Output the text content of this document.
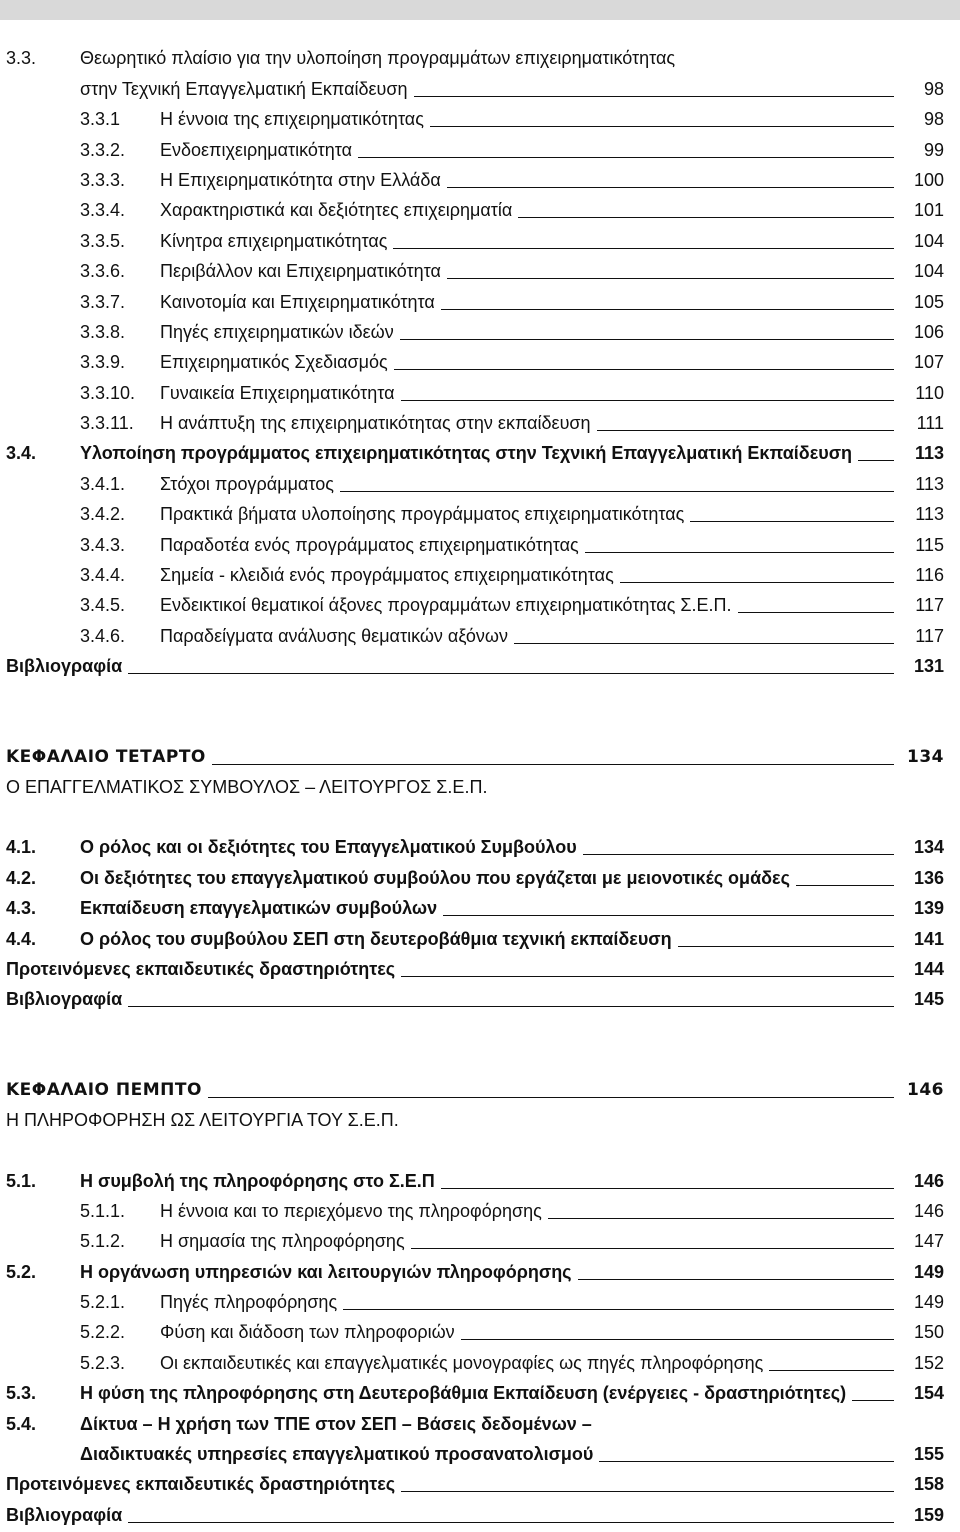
3.3. Θεωρητικό πλαίσιο για την υλοποίηση προγραμμάτων επιχειρηματικότητας
στην Τεχνική Επαγγελματική Εκπαίδευση	98
3.3.1 Η έννοια της επιχειρηματικότητας	98
3.3.2. Ενδοεπιχειρηματικότητα	99
3.3.3. Η Επιχειρηματικότητα στην Ελλάδα	100
3.3.4. Χαρακτηριστικά και δεξιότητες επιχειρηματία	101
3.3.5. Κίνητρα επιχειρηματικότητας	104
3.3.6. Περιβάλλον και Επιχειρηματικότητα	104
3.3.7. Καινοτομία και Επιχειρηματικότητα	105
3.3.8. Πηγές επιχειρηματικών ιδεών	106
3.3.9. Επιχειρηματικός Σχεδιασμός	107
3.3.10. Γυναικεία Επιχειρηματικότητα	110
3.3.11. Η ανάπτυξη της επιχειρηματικότητας στην εκπαίδευση	111
3.4. Υλοποίηση προγράμματος επιχειρηματικότητας στην Τεχνική Επαγγελματική Εκπαίδευση	113
3.4.1. Στόχοι προγράμματος	113
3.4.2. Πρακτικά βήματα υλοποίησης προγράμματος επιχειρηματικότητας	113
3.4.3. Παραδοτέα ενός προγράμματος επιχειρηματικότητας	115
3.4.4. Σημεία - κλειδιά ενός προγράμματος επιχειρηματικότητας	116
3.4.5. Ενδεικτικοί θεματικοί άξονες προγραμμάτων επιχειρηματικότητας Σ.Ε.Π.	117
3.4.6. Παραδείγματα ανάλυσης θεματικών αξόνων	117
Βιβλιογραφία	131
ΚΕΦΑΛΑΙΟ ΤΕΤΑΡΤΟ	134
Ο ΕΠΑΓΓΕΛΜΑΤΙΚΟΣ ΣΥΜΒΟΥΛΟΣ – ΛΕΙΤΟΥΡΓΟΣ Σ.Ε.Π.
4.1. Ο ρόλος και οι δεξιότητες του Επαγγελματικού Συμβούλου	134
4.2. Οι δεξιότητες του επαγγελματικού συμβούλου που εργάζεται με μειονοτικές ομάδες	136
4.3. Εκπαίδευση επαγγελματικών συμβούλων	139
4.4. Ο ρόλος του συμβούλου ΣΕΠ στη δευτεροβάθμια τεχνική εκπαίδευση	141
Προτεινόμενες εκπαιδευτικές δραστηριότητες	144
Βιβλιογραφία	145
ΚΕΦΑΛΑΙΟ ΠΕΜΠΤΟ	146
Η ΠΛΗΡΟΦΟΡΗΣΗ ΩΣ ΛΕΙΤΟΥΡΓΙΑ ΤΟΥ Σ.Ε.Π.
5.1. Η συμβολή της πληροφόρησης στο Σ.Ε.Π	146
5.1.1. Η έννοια και το περιεχόμενο της πληροφόρησης	146
5.1.2. Η σημασία της πληροφόρησης	147
5.2. Η οργάνωση υπηρεσιών και λειτουργιών πληροφόρησης	149
5.2.1. Πηγές πληροφόρησης	149
5.2.2. Φύση και διάδοση των πληροφοριών	150
5.2.3. Οι εκπαιδευτικές και επαγγελματικές μονογραφίες ως πηγές πληροφόρησης	152
5.3. Η φύση της πληροφόρησης στη Δευτεροβάθμια Εκπαίδευση (ενέργειες - δραστηριότητες)	154
5.4. Δίκτυα – Η χρήση των ΤΠΕ στον ΣΕΠ – Βάσεις δεδομένων –
Διαδικτυακές υπηρεσίες επαγγελματικού προσανατολισμού	155
Προτεινόμενες εκπαιδευτικές δραστηριότητες	158
Βιβλιογραφία	159
